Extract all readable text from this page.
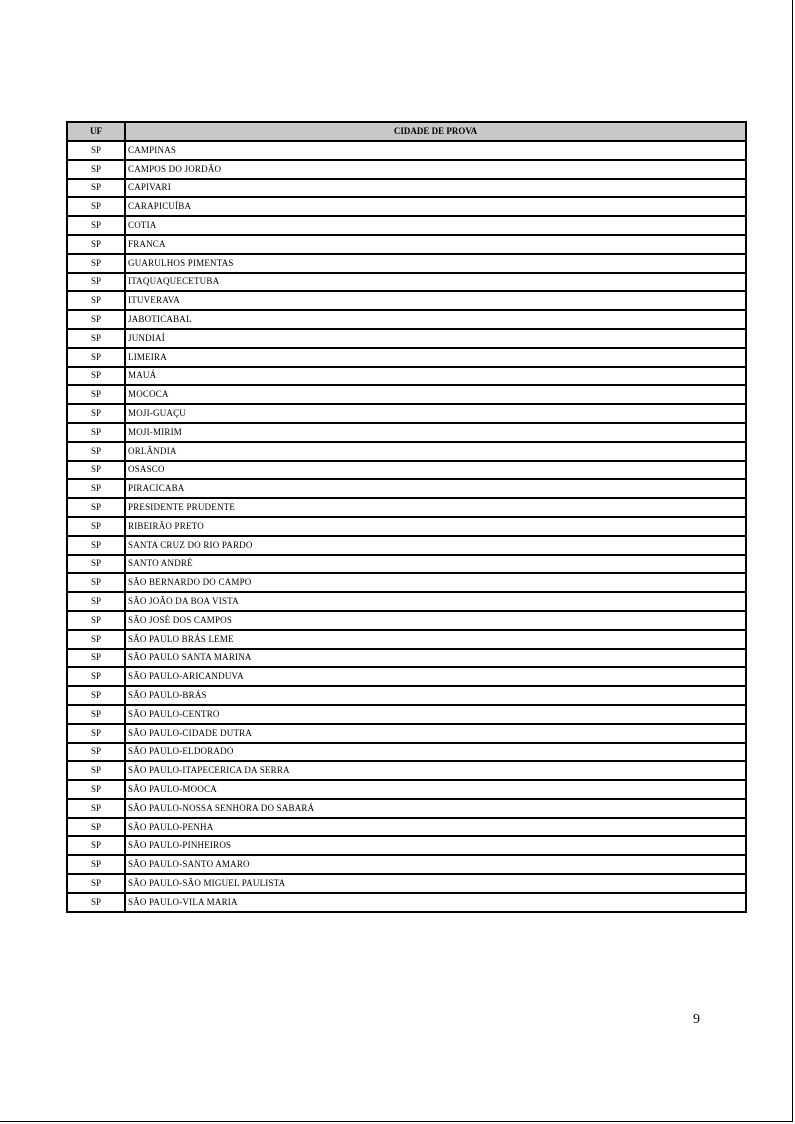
UF	CIDADE DE PROVA
SP	CAMPINAS
SP	CAMPOS DO JORDÃO
SP	CAPIVARI
SP	CARAPICUÍBA
SP	COTIA
SP	FRANCA
SP	GUARULHOS PIMENTAS
SP	ITAQUAQUECETUBA
SP	ITUVERAVA
SP	JABOTICABAL
SP	JUNDIAÍ
SP	LIMEIRA
SP	MAUÁ
SP	MOCOCA
SP	MOJI-GUAÇU
SP	MOJI-MIRIM
SP	ORLÂNDIA
SP	OSASCO
SP	PIRACICABA
SP	PRESIDENTE PRUDENTE
SP	RIBEIRÃO PRETO
SP	SANTA CRUZ DO RIO PARDO
SP	SANTO ANDRÉ
SP	SÃO BERNARDO DO CAMPO
SP	SÃO JOÃO DA BOA VISTA
SP	SÃO JOSÉ DOS CAMPOS
SP	SÃO PAULO BRÁS LEME
SP	SÃO PAULO SANTA MARINA
SP	SÃO PAULO-ARICANDUVA
SP	SÃO PAULO-BRÁS
SP	SÃO PAULO-CENTRO
SP	SÃO PAULO-CIDADE DUTRA
SP	SÃO PAULO-ELDORADO
SP	SÃO PAULO-ITAPECERICA DA SERRA
SP	SÃO PAULO-MOOCA
SP	SÃO PAULO-NOSSA SENHORA DO SABARÁ
SP	SÃO PAULO-PENHA
SP	SÃO PAULO-PINHEIROS
SP	SÃO PAULO-SANTO AMARO
SP	SÃO PAULO-SÃO MIGUEL PAULISTA
SP	SÃO PAULO-VILA MARIA
9
